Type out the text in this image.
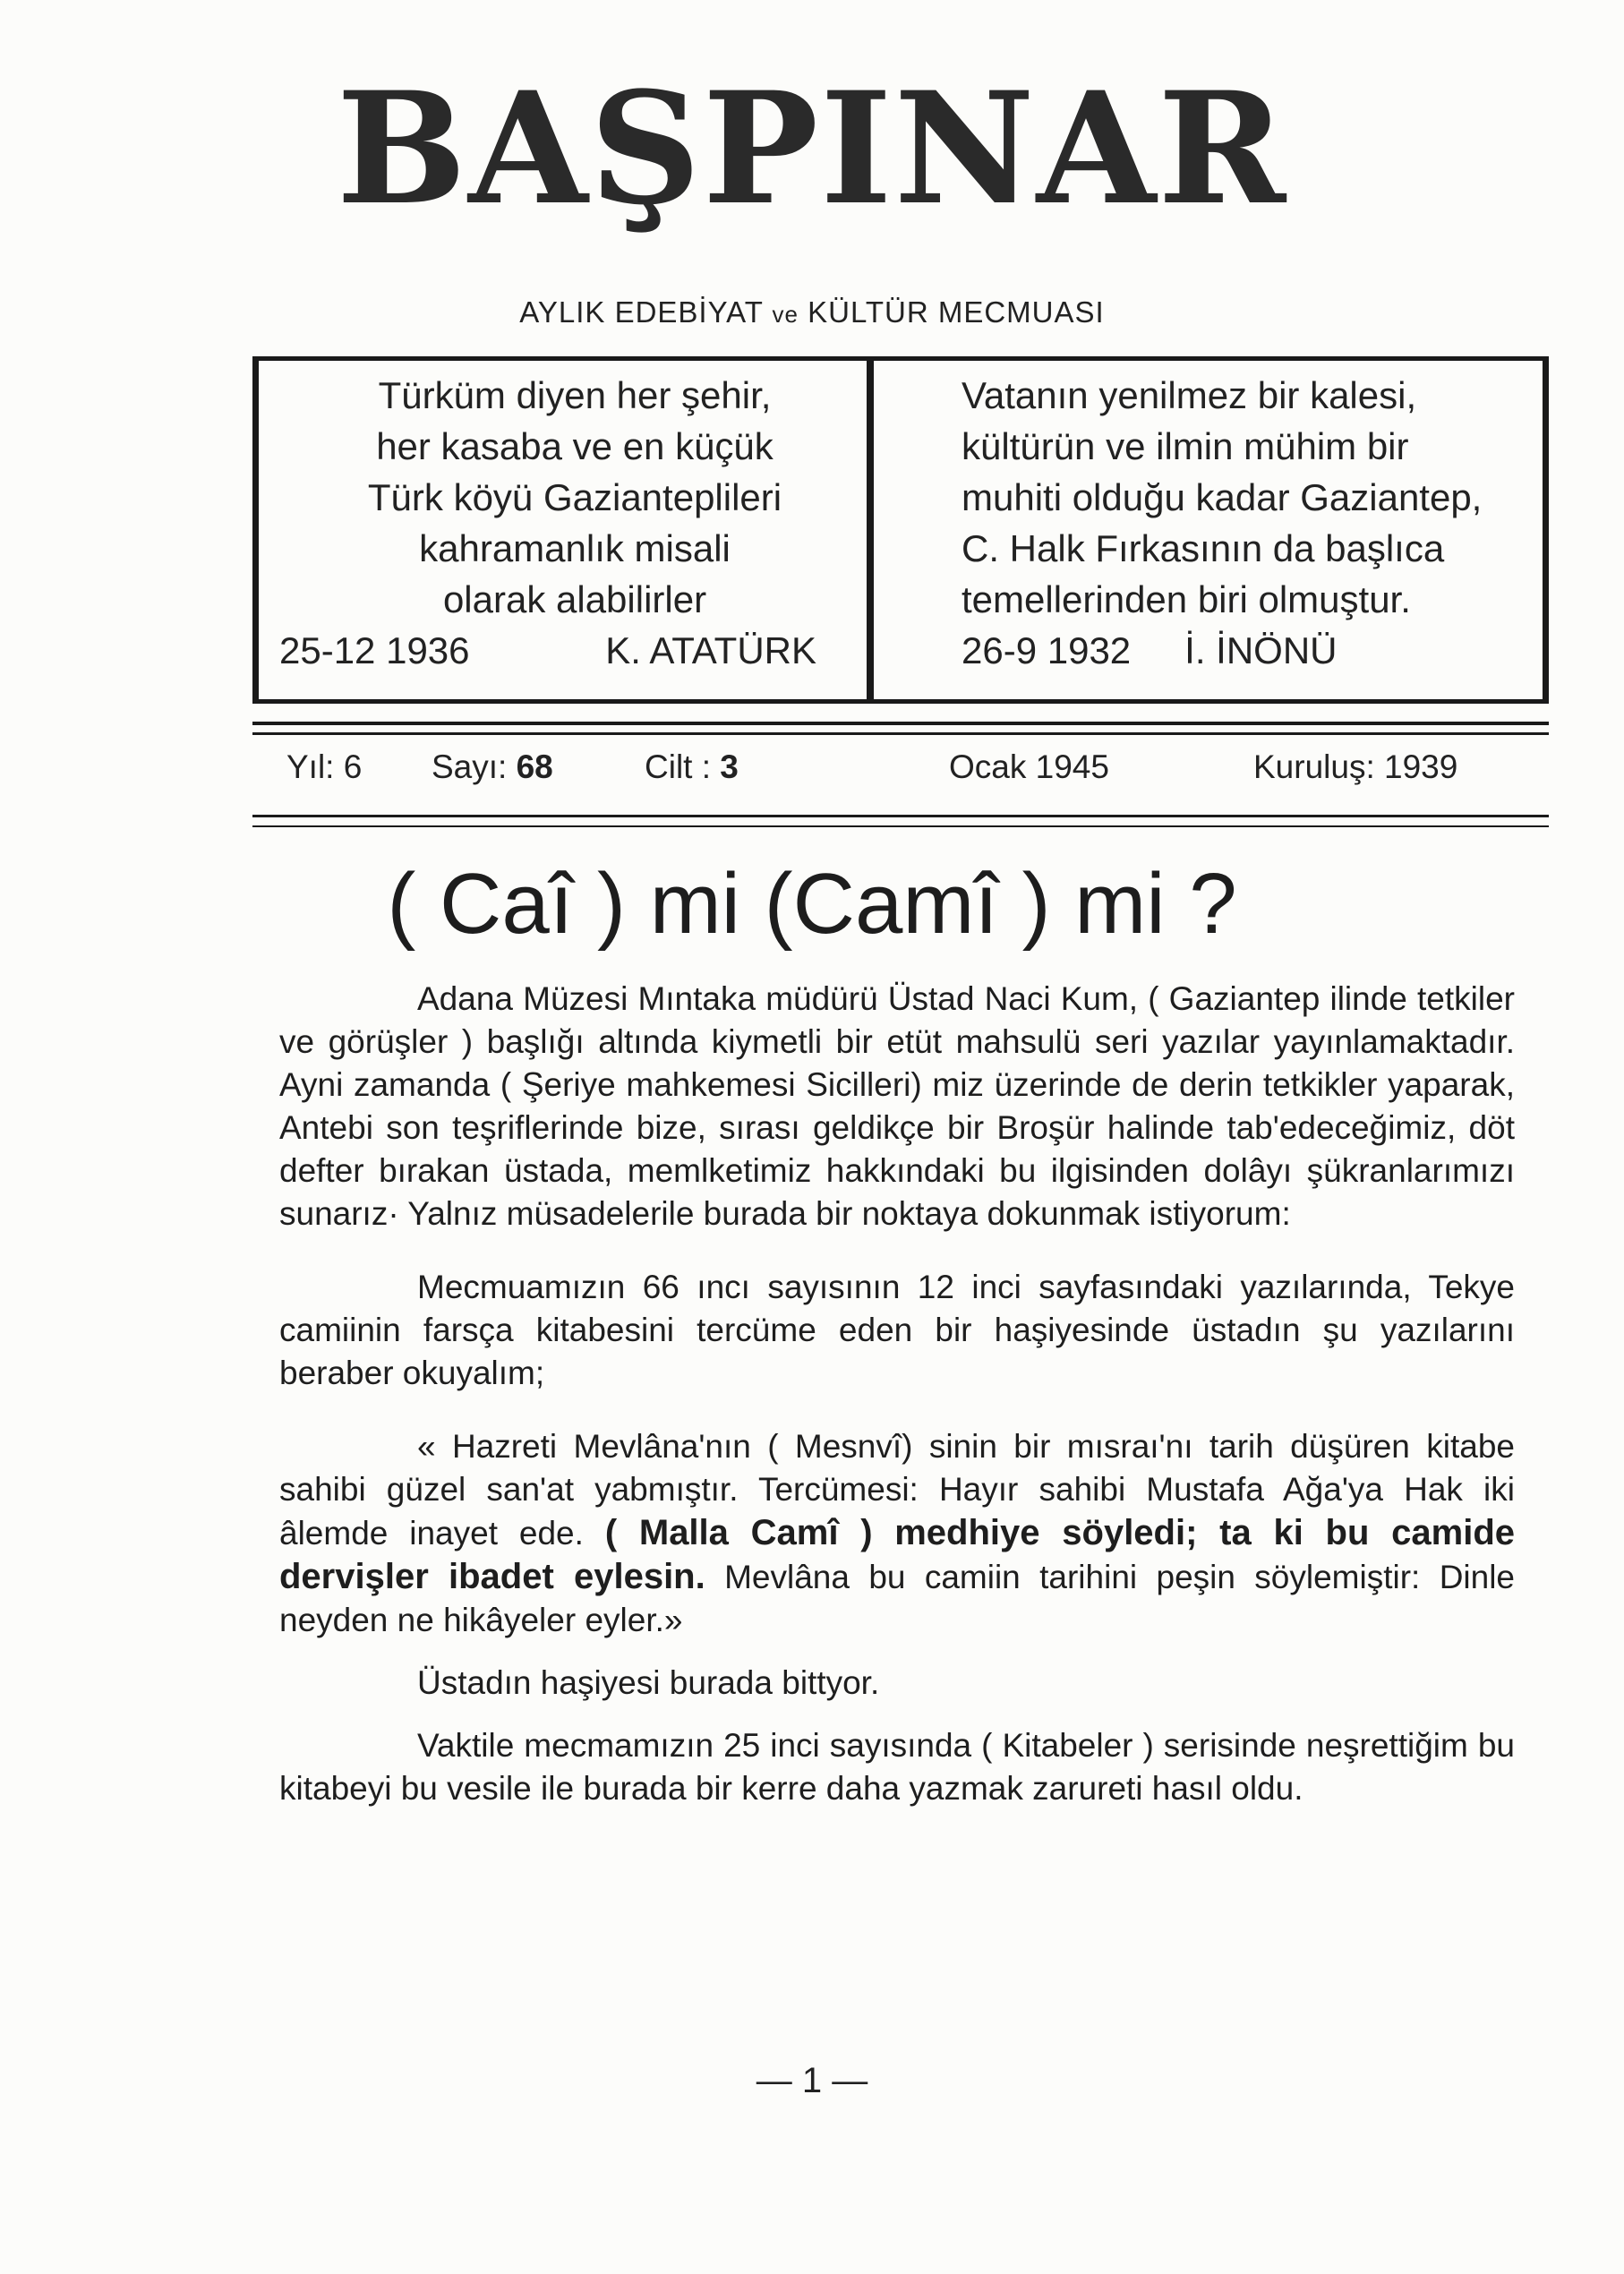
BAŞPINAR
AYLIK EDEBİYAT ve KÜLTÜR MECMUASI
Türküm diyen her şehir,
her kasaba ve en küçük
Türk köyü Gaziantеplileri
kahramanlık misali
olarak alabilirler
25-12 1936	K. ATATÜRK
Vatanın yenilmez bir kalesi,
kültürün ve ilmin mühim bir
muhiti olduğu kadar Gaziantep,
C. Halk Fırkasının da başlıca
temellerinden biri olmuştur.
26-9 1932 İ. İNÖNÜ
Yıl: 6 Sayı: 68	Cilt : 3	Ocak 1945	Kuruluş: 1939
( Caî ) mi (Camî ) mi ?

Adana Müzesi Mıntaka müdürü Üstad Naci Kum, ( Gaziantep ilinde tetkiler ve görüşler ) başlığı altında kiymetli bir etüt mahsulü seri yazılar yayınlamaktadır. Ayni zamanda ( Şeriye mahkemesi Sicilleri) miz üzerinde de derin tetkikler yaparak, Antebi son teşriflerinde bize, sırası geldikçe bir Broşür halinde tab'edeceğimiz, döt defter bırakan üstada, memlketimiz hakkındaki bu ilgisinden dolâyı şükranlarımızı sunarız· Yalnız müsadelerile burada bir noktaya dokunmak istiyorum:

Mecmuamızın 66 ıncı sayısının 12 inci sayfasındaki yazılarında, Tekye camiinin farsça kitabesini tercüme eden bir haşiyesinde üstadın şu yazılarını beraber okuyalım;

« Hazreti Mevlâna'nın ( Mesnvî) sinin bir mısraı'nı tarih düşüren kitabe sahibi güzel san'at yabmıştır. Tercümesi: Hayır sahibi Mustafa Ağa'ya Hak iki âlemde inayet ede. ( Malla Camî ) medhiye söyledi; ta ki bu camide dervişler ibadet eylesin. Mevlâna bu camiin tarihini peşin söylemiştir: Dinle neyden ne hikâyeler eyler.»

Üstadın haşiyesi burada bittyor.

Vaktile mecmamızın 25 inci sayısında ( Kitabeler ) serisinde neşrettiğim bu kitabeyi bu vesile ile burada bir kerre daha yazmak zarureti hasıl oldu.

— 1 —
